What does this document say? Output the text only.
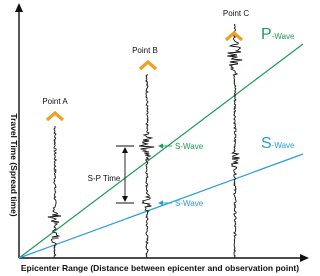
Travel Time (Spread time)
Epicenter Range (Distance between epicenter and observation point)
Point A
Point B
Point C
P-Wave
S-Wave
S-Wave
S-Wave
S-P Time
